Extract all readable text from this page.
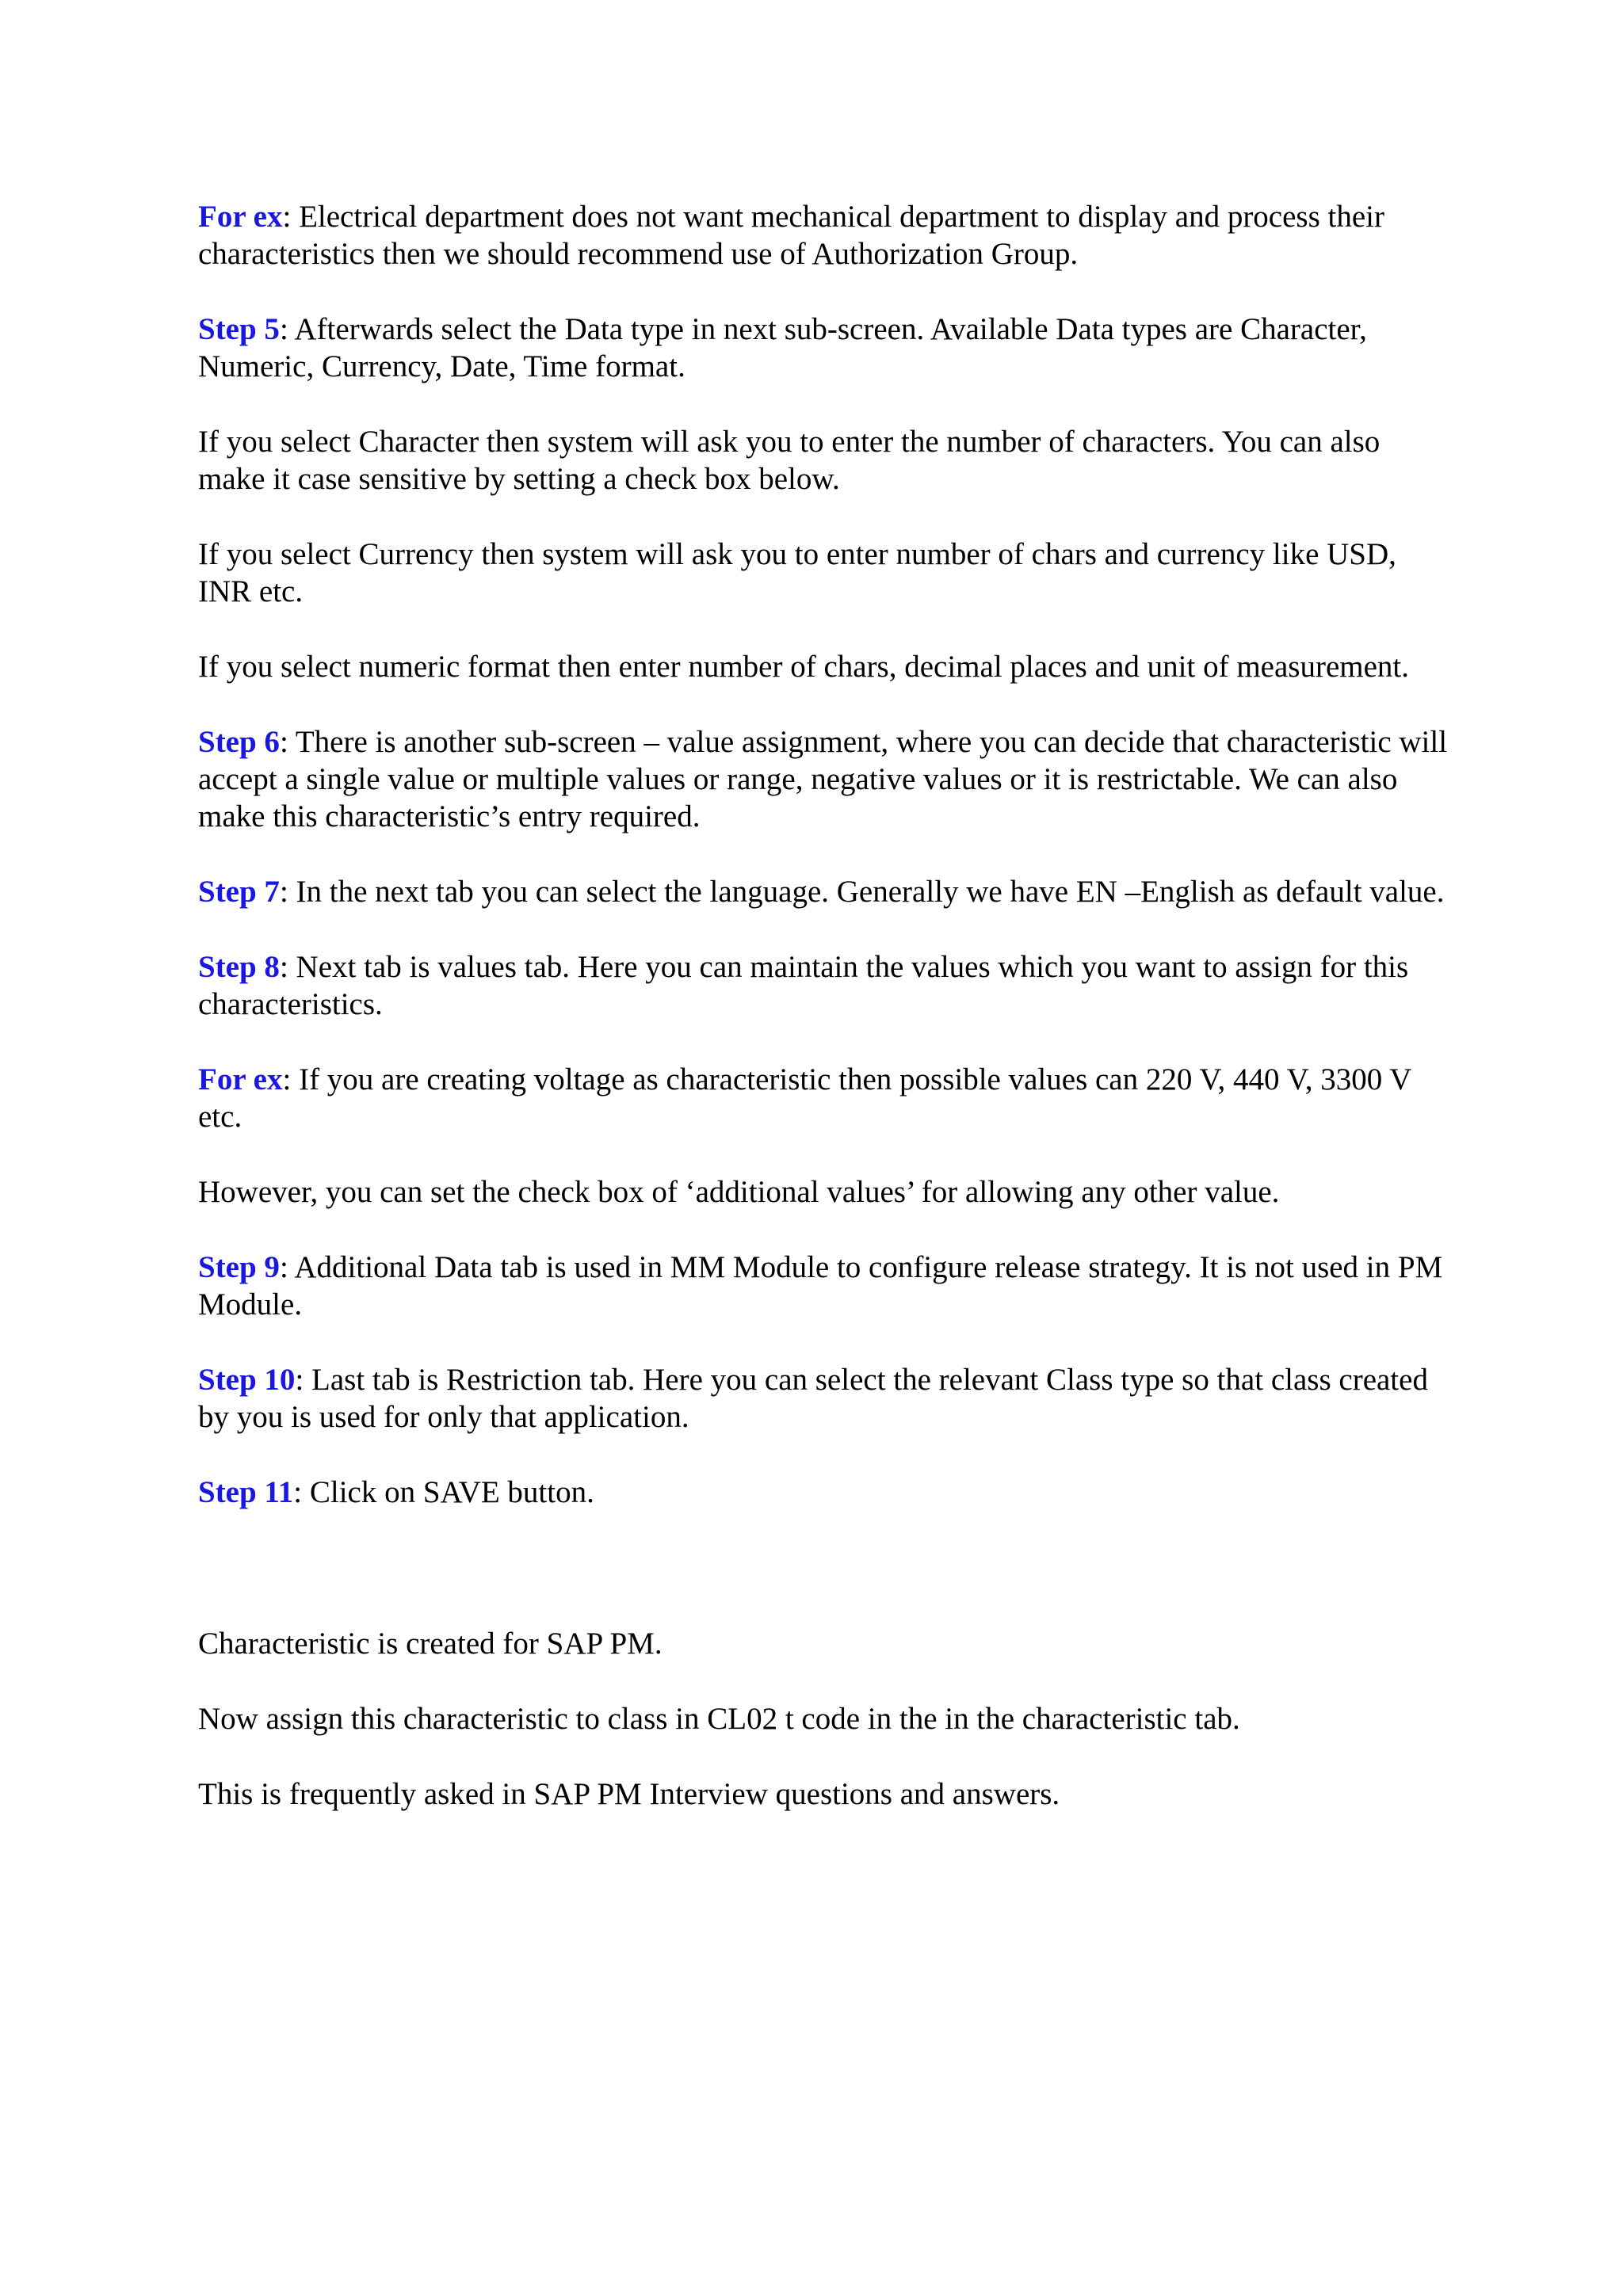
For ex: Electrical department does not want mechanical department to display and process their characteristics then we should recommend use of Authorization Group.

Step 5: Afterwards select the Data type in next sub-screen. Available Data types are Character, Numeric, Currency, Date, Time format.

If you select Character then system will ask you to enter the number of characters. You can also make it case sensitive by setting a check box below.

If you select Currency then system will ask you to enter number of chars and currency like USD, INR etc.

If you select numeric format then enter number of chars, decimal places and unit of measurement.

Step 6: There is another sub-screen – value assignment, where you can decide that characteristic will accept a single value or multiple values or range, negative values or it is restrictable. We can also make this characteristic’s entry required.

Step 7: In the next tab you can select the language. Generally we have EN –English as default value.

Step 8: Next tab is values tab. Here you can maintain the values which you want to assign for this characteristics.

For ex: If you are creating voltage as characteristic then possible values can 220 V, 440 V, 3300 V etc.

However, you can set the check box of ‘additional values’ for allowing any other value.

Step 9: Additional Data tab is used in MM Module to configure release strategy. It is not used in PM Module.

Step 10: Last tab is Restriction tab. Here you can select the relevant Class type so that class created by you is used for only that application.

Step 11: Click on SAVE button.

Characteristic is created for SAP PM.

Now assign this characteristic to class in CL02 t code in the in the characteristic tab.

This is frequently asked in SAP PM Interview questions and answers.
